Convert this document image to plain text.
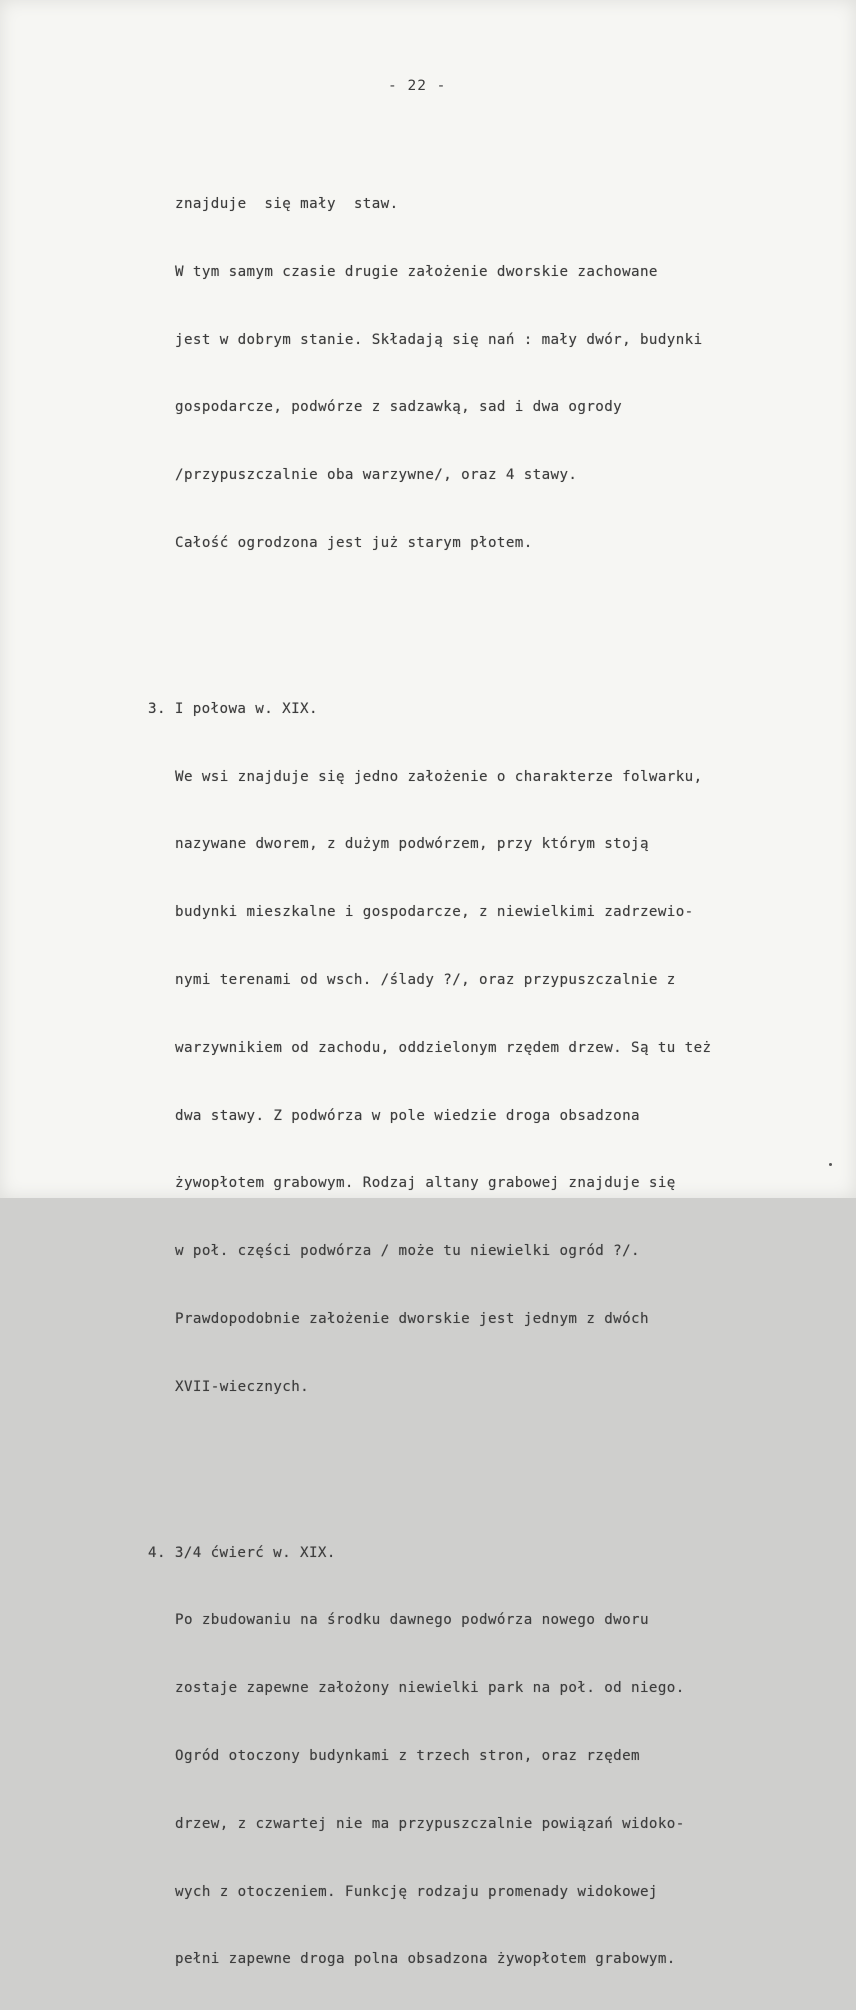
- 22 -

znajduje  się mały  staw.

W tym samym czasie drugie założenie dworskie zachowane

jest w dobrym stanie. Składają się nań : mały dwór, budynki

gospodarcze, podwórze z sadzawką, sad i dwa ogrody

/przypuszczalnie oba warzywne/, oraz 4 stawy.

Całość ogrodzona jest już starym płotem.

3. I połowa w. XIX.

We wsi znajduje się jedno założenie o charakterze folwarku,

nazywane dworem, z dużym podwórzem, przy którym stoją

budynki mieszkalne i gospodarcze, z niewielkimi zadrzewio-

nymi terenami od wsch. /ślady ?/, oraz przypuszczalnie z

warzywnikiem od zachodu, oddzielonym rzędem drzew. Są tu też

dwa stawy. Z podwórza w pole wiedzie droga obsadzona

żywopłotem grabowym. Rodzaj altany grabowej znajduje się

w poł. części podwórza / może tu niewielki ogród ?/.

Prawdopodobnie założenie dworskie jest jednym z dwóch

XVII-wiecznych.

4. 3/4 ćwierć w. XIX.

Po zbudowaniu na środku dawnego podwórza nowego dworu

zostaje zapewne założony niewielki park na poł. od niego.

Ogród otoczony budynkami z trzech stron, oraz rzędem

drzew, z czwartej nie ma przypuszczalnie powiązań widoko-

wych z otoczeniem. Funkcję rodzaju promenady widokowej

pełni zapewne droga polna obsadzona żywopłotem grabowym.
